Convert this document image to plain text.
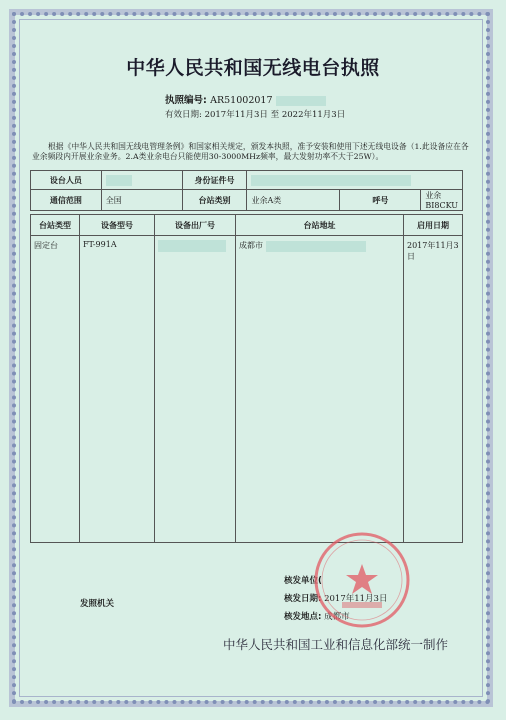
中华人民共和国无线电台执照
执照编号: AR51002017
有效日期: 2017年11月3日 至 2022年11月3日
根据《中华人民共和国无线电管理条例》和国家相关规定，颁发本执照，准予安装和使用下述无线电设备（1.此设备应在各业余频段内开展业余业务。2.A类业余电台只能使用30-3000MHz频率，最大发射功率不大于25W）。
设台人员		身份证件号			
通信范围	全国	台站类别	业余A类	呼号	业余BI8CKU
台站类型	设备型号	设备出厂号	台站地址	启用日期
固定台	FT-991A		成都市	2017年11月3日
发照机关
核发单位(
核发日期: 2017年11月3日
核发地点: 成都市
中华人民共和国工业和信息化部统一制作
